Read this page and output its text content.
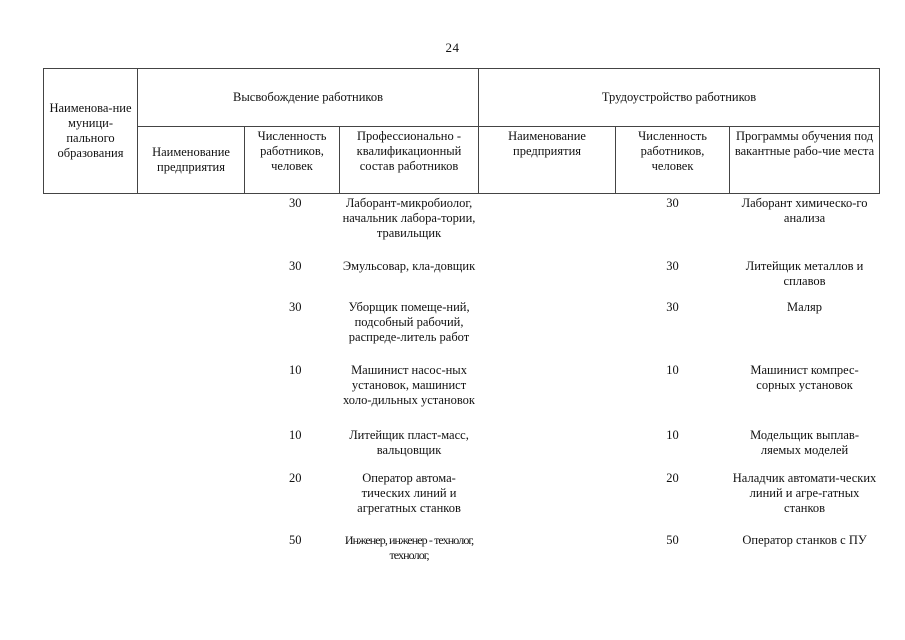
24
Наименова-ние муници-пального образования	Высвобождение работников			Трудоустройство работников		
	Наименование предприятия	Численность работников, человек	Профессионально - квалификационный состав работников	Наименование предприятия	Численность работников, человек	Программы обучения под вакантные рабо-чие места
		30	Лаборант-микробиолог, начальник лабора-тории, травильщик		30	Лаборант химическо-го анализа
		30	Эмульсовар, кла-довщик		30	Литейщик металлов и сплавов
		30	Уборщик помеще-ний, подсобный рабочий, распреде-литель работ		30	Маляр
		10	Машинист насос-ных установок, машинист холо-дильных установок		10	Машинист компрес-сорных установок
		10	Литейщик пласт-масс, вальцовщик		10	Модельщик выплав-ляемых моделей
		20	Оператор автома-тических линий и агрегатных станков		20	Наладчик автомати-ческих линий и агре-гатных станков
		50	Инженер, инженер - технолог, технолог,		50	Оператор станков с ПУ
